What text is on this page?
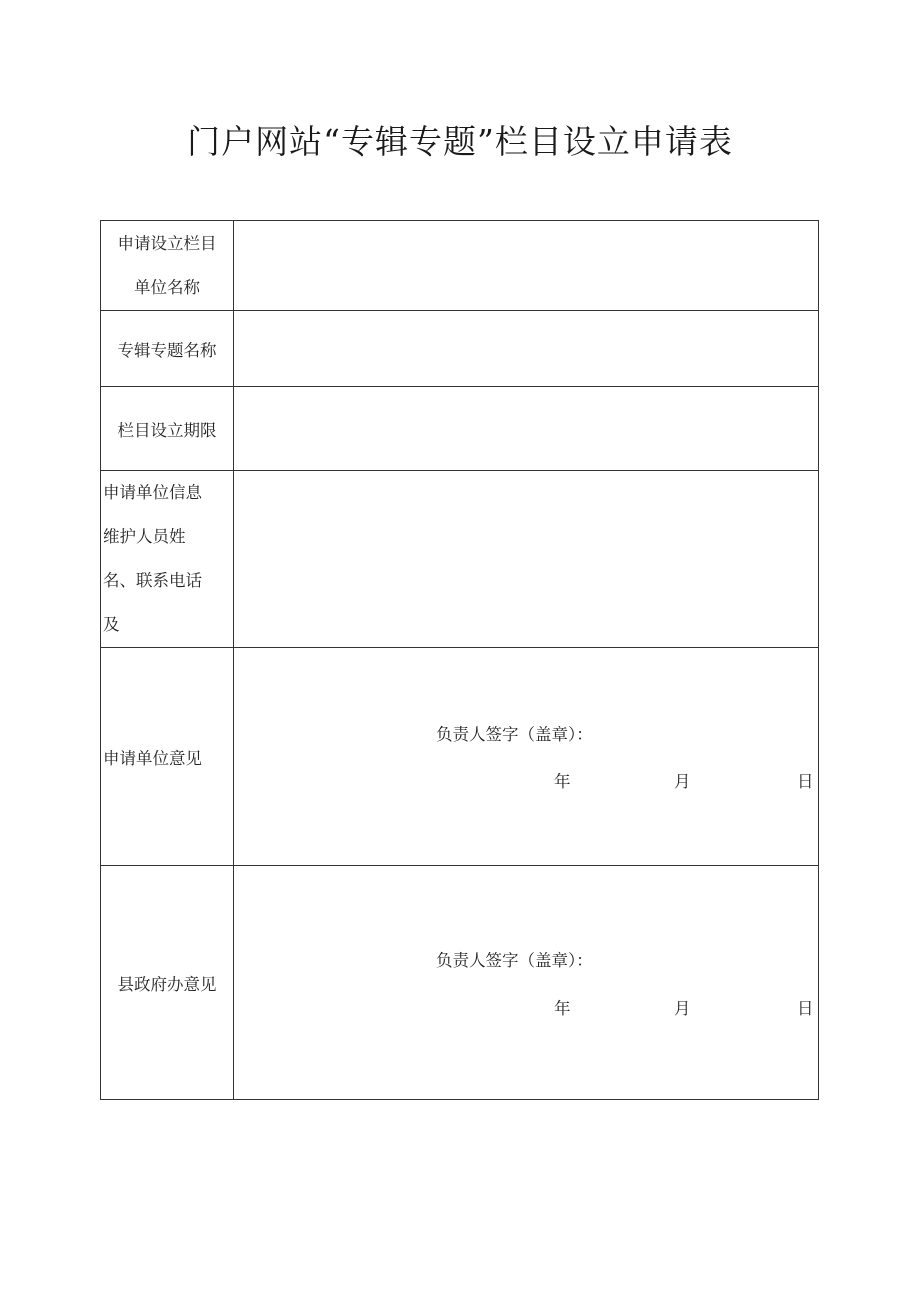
门户网站“专辑专题”栏目设立申请表
申请设立栏目
单位名称	

专辑专题名称	
栏目设立期限	

申请单位信息
维护人员姓
名、联系电话
及	

申请单位意见	负责人签字（盖章）：
年 月 日

县政府办意见	负责人签字（盖章）：
年 月 日
